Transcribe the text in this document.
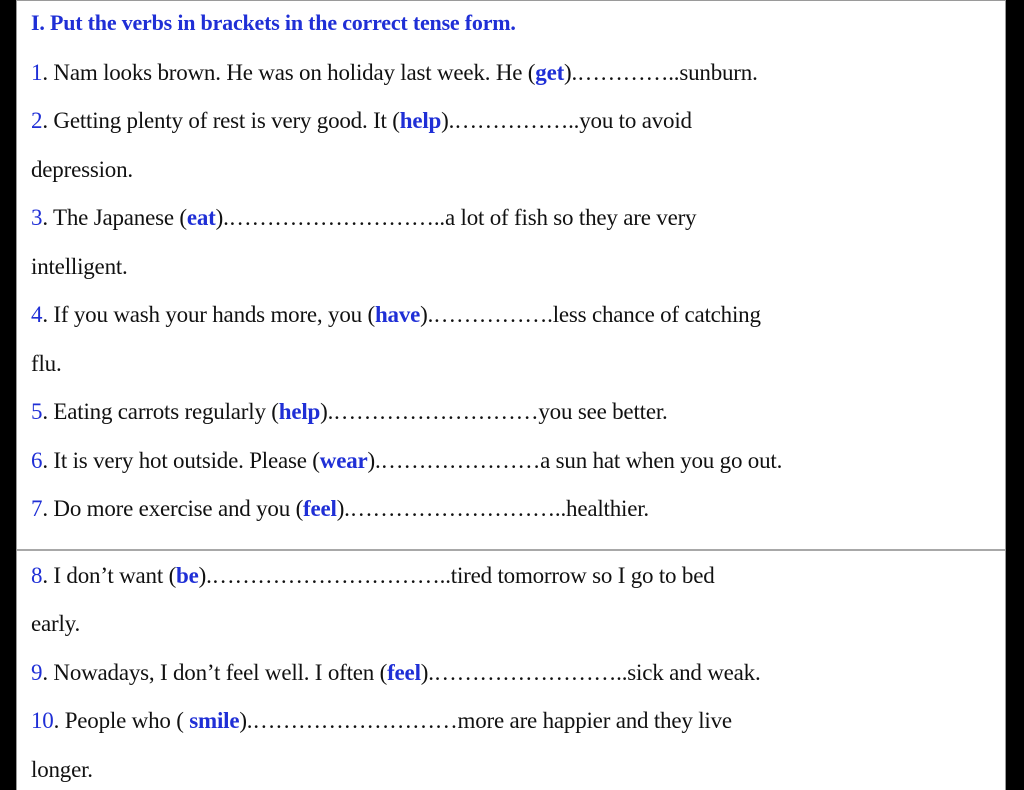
I. Put the verbs in brackets in the correct tense form.
1. Nam looks brown. He was on holiday last week. He (get).…………..sunburn.
2. Getting plenty of rest is very good. It (help).……………..you to avoid
depression.
3. The Japanese (eat).………………………..a lot of fish so they are very
intelligent.
4. If you wash your hands more, you (have).…………….less chance of catching
flu.
5. Eating carrots regularly (help).………………………you see better.
6. It is very hot outside. Please (wear).…………………a sun hat when you go out.
7. Do more exercise and you (feel).………………………..healthier.
8. I don’t want (be).…………………………..tired tomorrow so I go to bed
early.
9. Nowadays, I don’t feel well. I often (feel).……………………..sick and weak.
10. People who ( smile).………………………more are happier and they live
longer.
